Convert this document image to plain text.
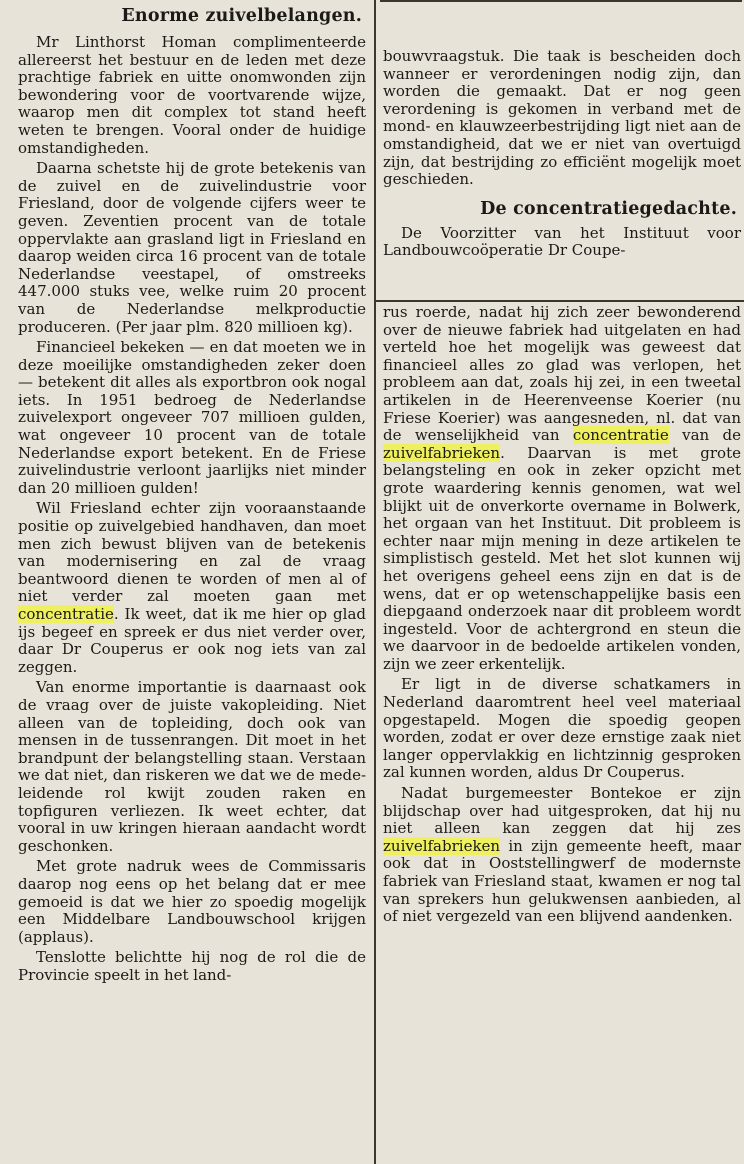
Enorme zuivelbelangen.

Mr Linthorst Homan complimenteerde allereerst het bestuur en de leden met deze prachtige fabriek en uitte onomwonden zijn bewondering voor de voortvarende wijze, waarop men dit complex tot stand heeft weten te brengen. Vooral onder de huidige omstandigheden.

Daarna schetste hij de grote betekenis van de zuivel en de zuivelindustrie voor Friesland, door de volgende cijfers weer te geven. Zeventien procent van de totale oppervlakte aan grasland ligt in Friesland en daarop weiden circa 16 procent van de totale Nederlandse veestapel, of omstreeks 447.000 stuks vee, welke ruim 20 procent van de Nederlandse melkproductie produceren. (Per jaar plm. 820 millioen kg).

Financieel bekeken — en dat moeten we in deze moeilijke omstandigheden zeker doen — betekent dit alles als exportbron ook nogal iets. In 1951 bedroeg de Nederlandse zuivelexport ongeveer 707 millioen gulden, wat ongeveer 10 procent van de totale Nederlandse export betekent. En de Friese zuivelindustrie verloont jaarlijks niet minder dan 20 millioen gulden!

Wil Friesland echter zijn vooraanstaande positie op zuivelgebied handhaven, dan moet men zich bewust blijven van de betekenis van modernisering en zal de vraag beantwoord dienen te worden of men al of niet verder zal moeten gaan met concentratie. Ik weet, dat ik me hier op glad ijs begeef en spreek er dus niet verder over, daar Dr Couperus er ook nog iets van zal zeggen.

Van enorme importantie is daarnaast ook de vraag over de juiste vakopleiding. Niet alleen van de topleiding, doch ook van mensen in de tussenrangen. Dit moet in het brandpunt der belangstelling staan. Verstaan we dat niet, dan riskeren we dat we de mede-leidende rol kwijt zouden raken en topfiguren verliezen. Ik weet echter, dat vooral in uw kringen hieraan aandacht wordt geschonken.

Met grote nadruk wees de Commissaris daarop nog eens op het belang dat er mee gemoeid is dat we hier zo spoedig mogelijk een Middelbare Landbouwschool krijgen (applaus).

Tenslotte belichtte hij nog de rol die de Provincie speelt in het land-

bouwvraagstuk. Die taak is bescheiden doch wanneer er verordeningen nodig zijn, dan worden die gemaakt. Dat er nog geen verordening is gekomen in verband met de mond- en klauwzeerbestrijding ligt niet aan de omstandigheid, dat we er niet van overtuigd zijn, dat bestrijding zo efficiënt mogelijk moet geschieden.

De concentratiegedachte.

De Voorzitter van het Instituut voor Landbouwcoöperatie Dr Coupe-

rus roerde, nadat hij zich zeer bewonderend over de nieuwe fabriek had uitgelaten en had verteld hoe het mogelijk was geweest dat financieel alles zo glad was verlopen, het probleem aan dat, zoals hij zei, in een tweetal artikelen in de Heerenveense Koerier (nu Friese Koerier) was aangesneden, nl. dat van de wenselijkheid van concentratie van de zuivelfabrieken. Daarvan is met grote belangsteling en ook in zeker opzicht met grote waardering kennis genomen, wat wel blijkt uit de onverkorte overname in Bolwerk, het orgaan van het Instituut. Dit probleem is echter naar mijn mening in deze artikelen te simplistisch gesteld. Met het slot kunnen wij het overigens geheel eens zijn en dat is de wens, dat er op wetenschappelijke basis een diepgaand onderzoek naar dit probleem wordt ingesteld. Voor de achtergrond en steun die we daarvoor in de bedoelde artikelen vonden, zijn we zeer erkentelijk.

Er ligt in de diverse schatkamers in Nederland daaromtrent heel veel materiaal opgestapeld. Mogen die spoedig geopen worden, zodat er over deze ernstige zaak niet langer oppervlakkig en lichtzinnig gesproken zal kunnen worden, aldus Dr Couperus.

Nadat burgemeester Bontekoe er zijn blijdschap over had uitgesproken, dat hij nu niet alleen kan zeggen dat hij zes zuivelfabrieken in zijn gemeente heeft, maar ook dat in Ooststellingwerf de modernste fabriek van Friesland staat, kwamen er nog tal van sprekers hun gelukwensen aanbieden, al of niet vergezeld van een blijvend aandenken.
